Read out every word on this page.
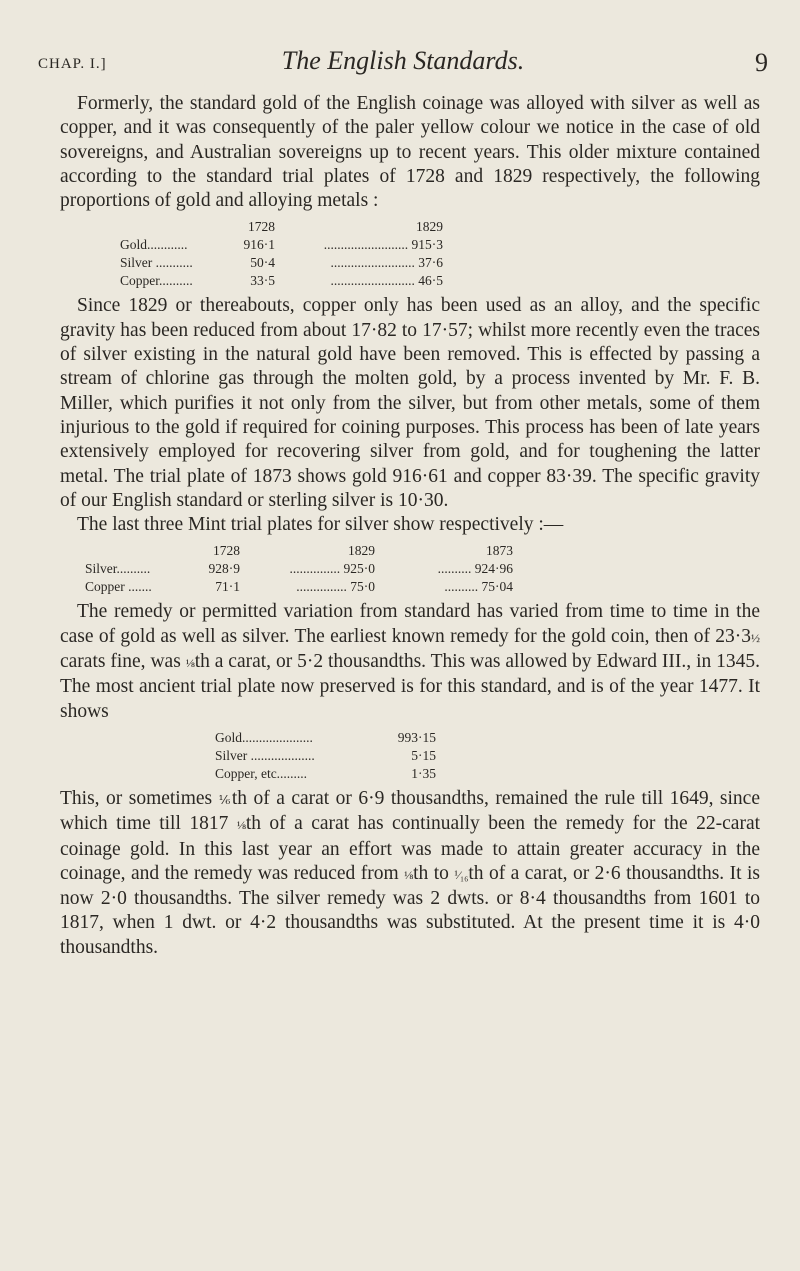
CHAP. I.]	The English Standards.	9

Formerly, the standard gold of the English coinage was alloyed with silver as well as copper, and it was consequently of the paler yellow colour we notice in the case of old sovereigns, and Australian sovereigns up to recent years. This older mixture contained according to the standard trial plates of 1728 and 1829 respectively, the following proportions of gold and alloying metals :

	1728	1829
Gold............	916·1	......................... 915·3
Silver ...........	50·4	......................... 37·6
Copper..........	33·5	......................... 46·5

Since 1829 or thereabouts, copper only has been used as an alloy, and the specific gravity has been reduced from about 17·82 to 17·57; whilst more recently even the traces of silver existing in the natural gold have been removed. This is effected by passing a stream of chlorine gas through the molten gold, by a process invented by Mr. F. B. Miller, which purifies it not only from the silver, but from other metals, some of them injurious to the gold if required for coining purposes. This process has been of late years extensively employed for recovering silver from gold, and for toughening the latter metal. The trial plate of 1873 shows gold 916·61 and copper 83·39. The specific gravity of our English standard or sterling silver is 10·30.

The last three Mint trial plates for silver show respectively :—

	1728	1829	1873
Silver..........	928·9	............... 925·0	.......... 924·96
Copper .......	71·1	............... 75·0	.......... 75·04

The remedy or permitted variation from standard has varied from time to time in the case of gold as well as silver. The earliest known remedy for the gold coin, then of 23·3½ carats fine, was ⅛th a carat, or 5·2 thousandths. This was allowed by Edward III., in 1345. The most ancient trial plate now preserved is for this standard, and is of the year 1477. It shows

Gold.....................	993·15
Silver ...................	5·15
Copper, etc.........	1·35

This, or sometimes ⅙th of a carat or 6·9 thousandths, remained the rule till 1649, since which time till 1817 ⅛th of a carat has continually been the remedy for the 22-carat coinage gold. In this last year an effort was made to attain greater accuracy in the coinage, and the remedy was reduced from ⅛th to ¹⁄₁₆th of a carat, or 2·6 thousandths. It is now 2·0 thousandths. The silver remedy was 2 dwts. or 8·4 thousandths from 1601 to 1817, when 1 dwt. or 4·2 thousandths was substituted. At the present time it is 4·0 thousandths.
